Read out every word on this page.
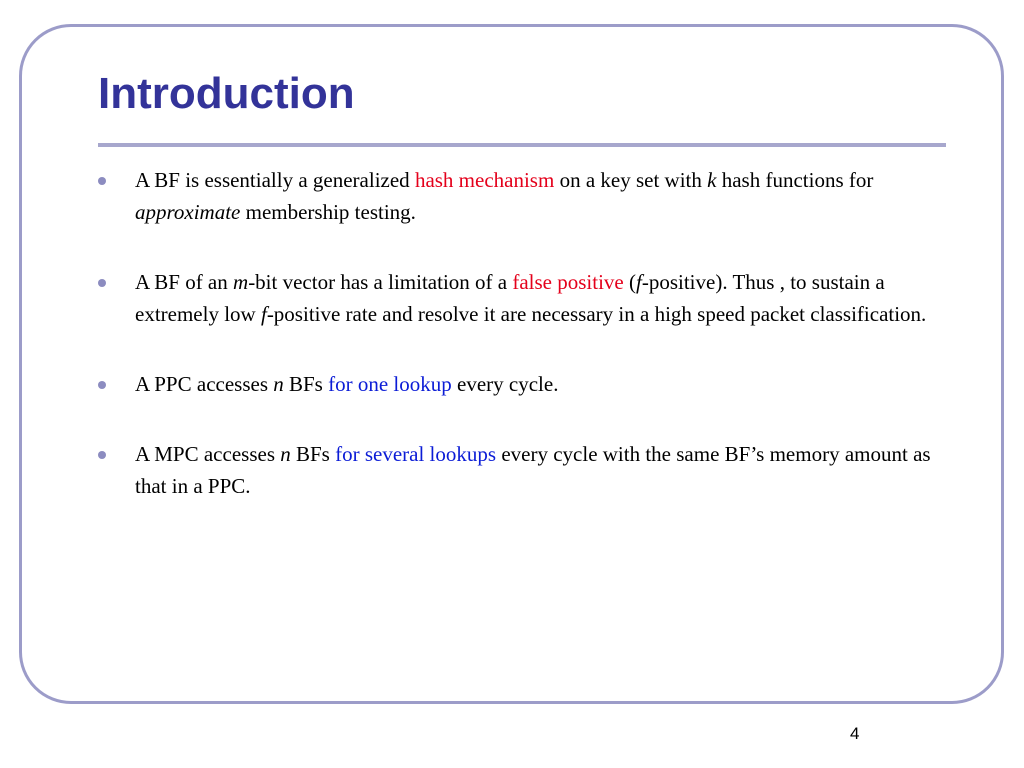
Introduction
A BF is essentially a generalized hash mechanism on a key set with k hash functions for approximate membership testing.
A BF of an m-bit vector has a limitation of a false positive (f-positive). Thus , to sustain a extremely low f-positive rate and resolve it are necessary in a high speed packet classification.
A PPC accesses n BFs for one lookup every cycle.
A MPC accesses n BFs for several lookups every cycle with the same BF’s memory amount as that in a PPC.
4
